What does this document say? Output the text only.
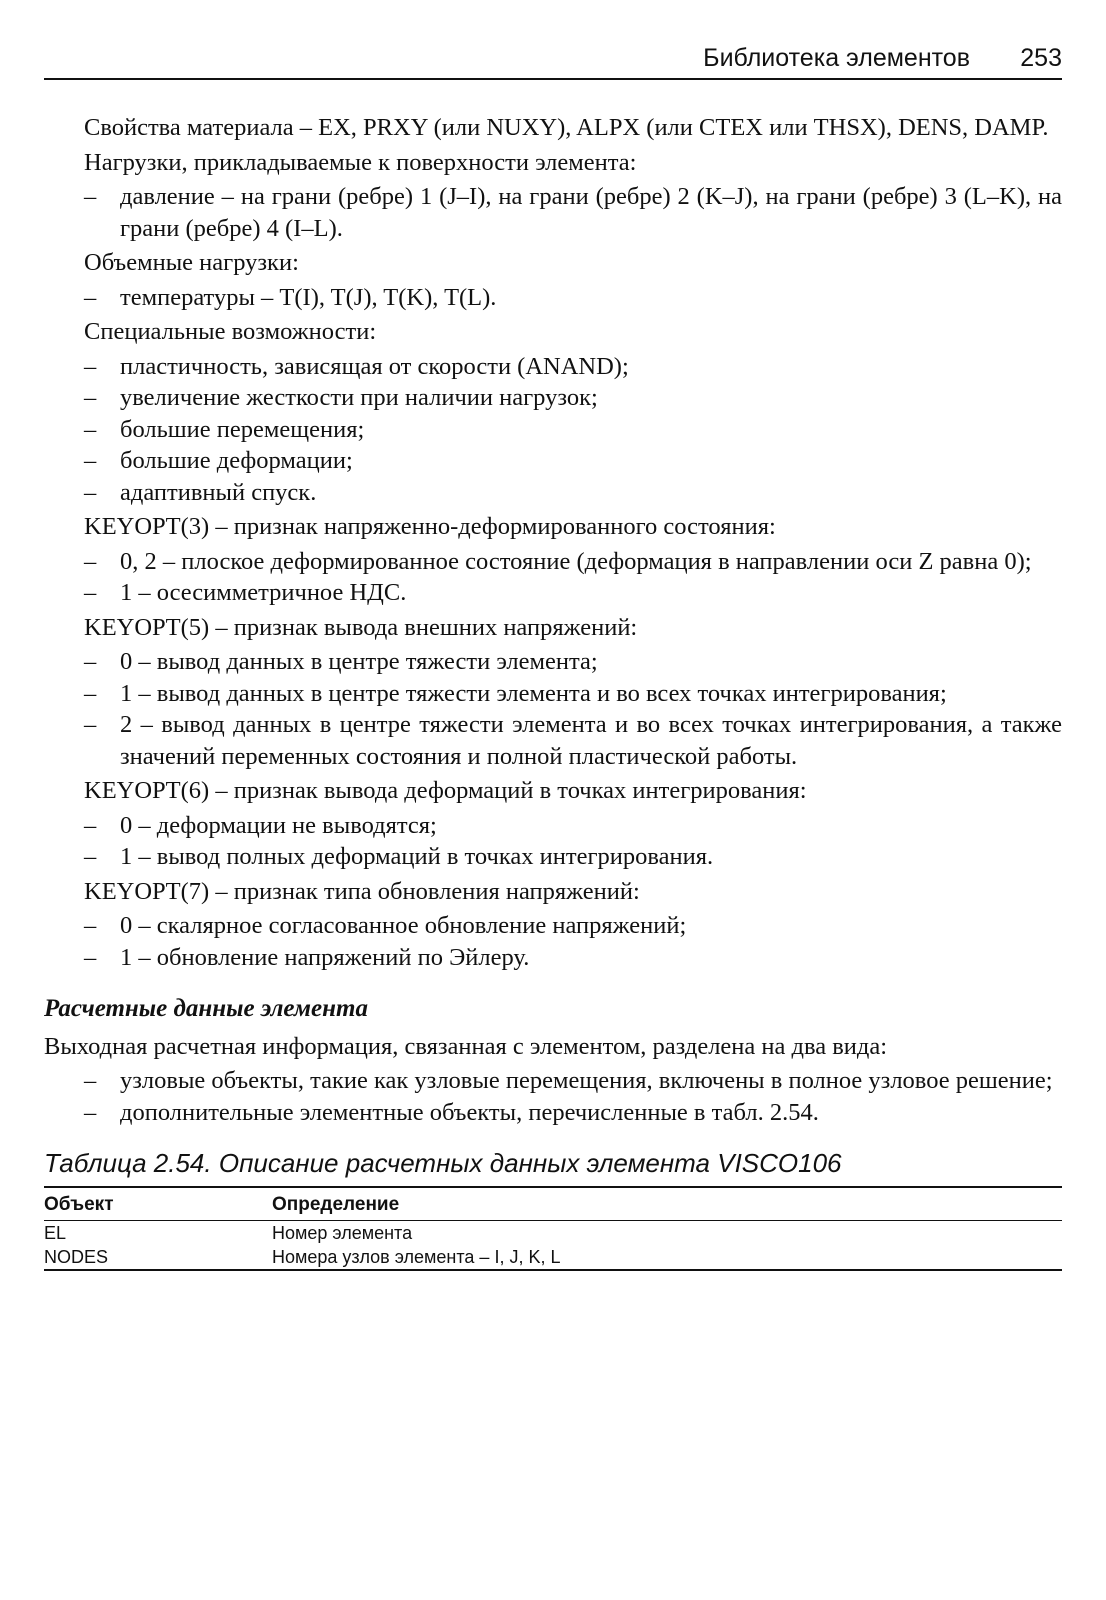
Библиотека элементов 253

Свойства материала – EX, PRXY (или NUXY), ALPX (или CTEX или THSX), DENS, DAMP.

Нагрузки, прикладываемые к поверхности элемента:

– давление – на грани (ребре) 1 (J–I), на грани (ребре) 2 (K–J), на грани (ребре) 3 (L–K), на грани (ребре) 4 (I–L).

Объемные нагрузки:

– температуры – T(I), T(J), T(K), T(L).

Специальные возможности:

– пластичность, зависящая от скорости (ANAND);
– увеличение жесткости при наличии нагрузок;
– большие перемещения;
– большие деформации;
– адаптивный спуск.

KEYOPT(3) – признак напряженно-деформированного состояния:

– 0, 2 – плоское деформированное состояние (деформация в направлении оси Z равна 0);
– 1 – осесимметричное НДС.

KEYOPT(5) – признак вывода внешних напряжений:

– 0 – вывод данных в центре тяжести элемента;
– 1 – вывод данных в центре тяжести элемента и во всех точках интегрирования;
– 2 – вывод данных в центре тяжести элемента и во всех точках интегрирования, а также значений переменных состояния и полной пластической работы.

KEYOPT(6) – признак вывода деформаций в точках интегрирования:

– 0 – деформации не выводятся;
– 1 – вывод полных деформаций в точках интегрирования.

KEYOPT(7) – признак типа обновления напряжений:

– 0 – скалярное согласованное обновление напряжений;
– 1 – обновление напряжений по Эйлеру.
Расчетные данные элемента

Выходная расчетная информация, связанная с элементом, разделена на два вида:

– узловые объекты, такие как узловые перемещения, включены в полное узловое решение;
– дополнительные элементные объекты, перечисленные в табл. 2.54.
Таблица 2.54. Описание расчетных данных элемента VISCO106
Объект	Определение
EL	Номер элемента
NODES	Номера узлов элемента – I, J, K, L
